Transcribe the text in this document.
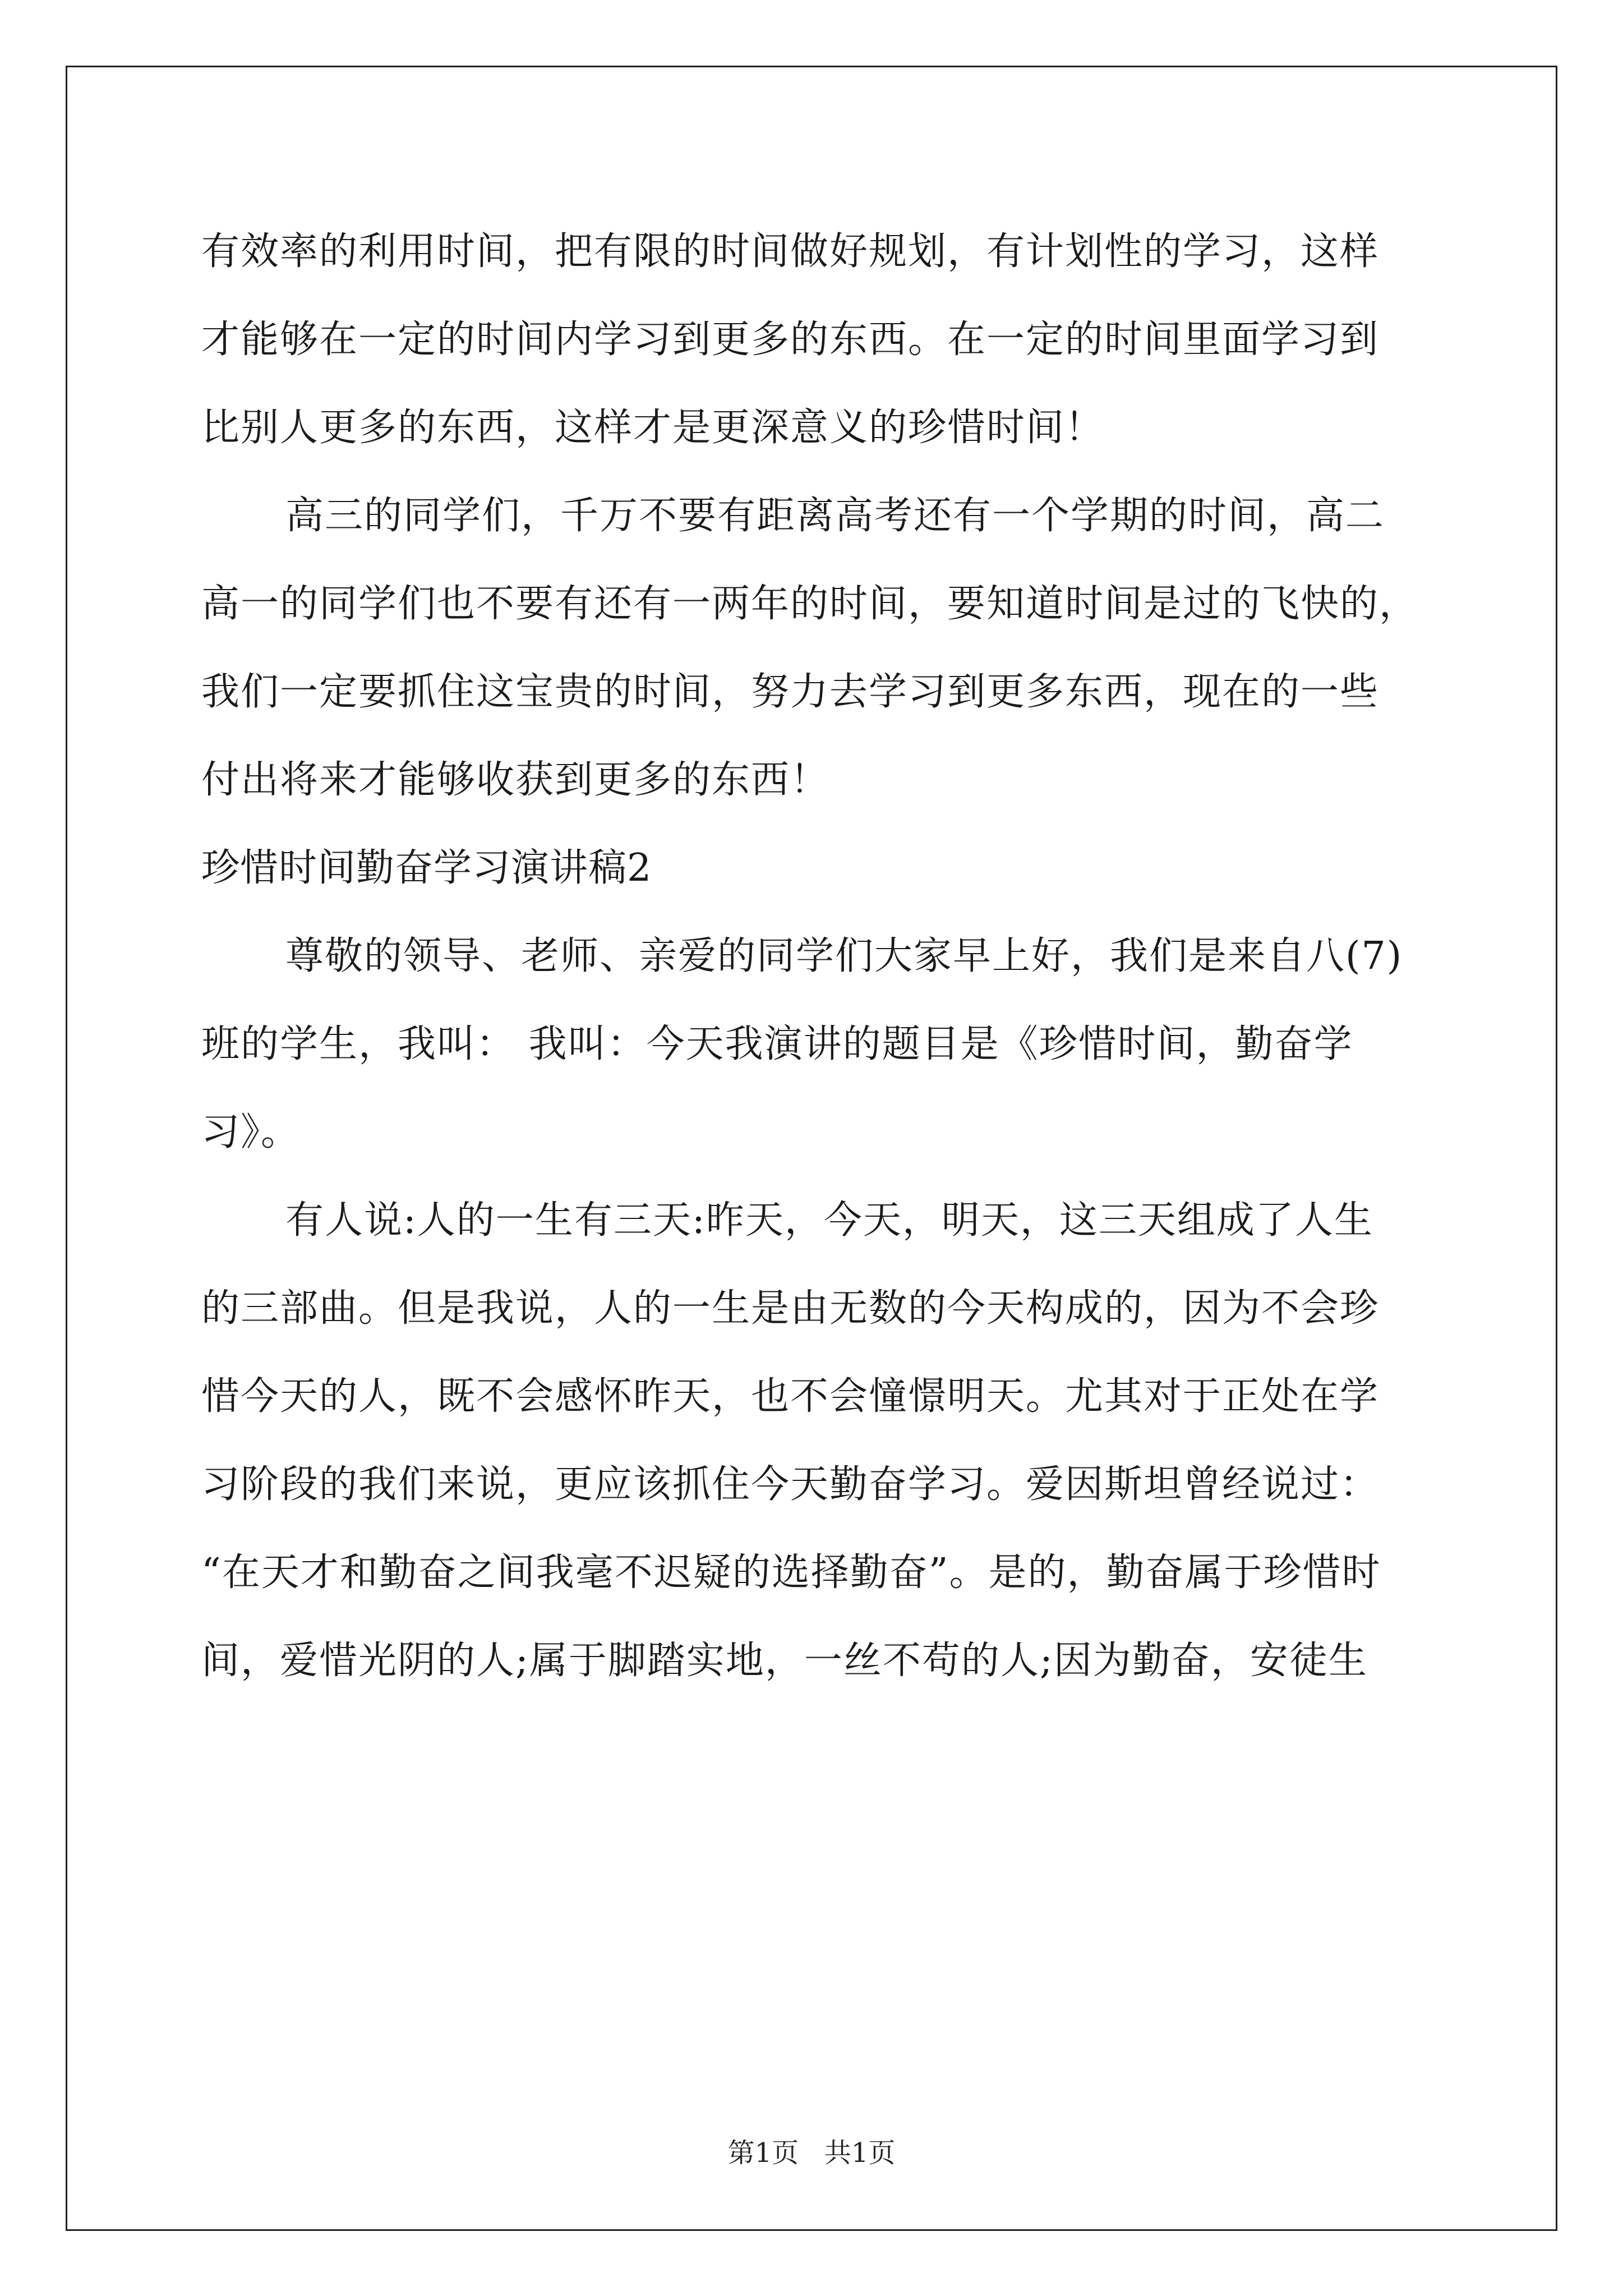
有效率的利用时间，把有限的时间做好规划，有计划性的学习，这样
才能够在一定的时间内学习到更多的东西。在一定的时间里面学习到
比别人更多的东西，这样才是更深意义的珍惜时间！
高三的同学们，千万不要有距离高考还有一个学期的时间，高二
高一的同学们也不要有还有一两年的时间，要知道时间是过的飞快的，
我们一定要抓住这宝贵的时间，努力去学习到更多东西，现在的一些
付出将来才能够收获到更多的东西！
珍惜时间勤奋学习演讲稿2
尊敬的领导、老师、亲爱的同学们大家早上好，我们是来自八(7)
班的学生，我叫： 我叫：今天我演讲的题目是《珍惜时间，勤奋学
习》。
有人说:人的一生有三天:昨天，今天，明天，这三天组成了人生
的三部曲。但是我说，人的一生是由无数的今天构成的，因为不会珍
惜今天的人，既不会感怀昨天，也不会憧憬明天。尤其对于正处在学
习阶段的我们来说，更应该抓住今天勤奋学习。爱因斯坦曾经说过：
“在天才和勤奋之间我毫不迟疑的选择勤奋”。是的，勤奋属于珍惜时
间，爱惜光阴的人;属于脚踏实地，一丝不苟的人;因为勤奋，安徒生
第1页   共1页
